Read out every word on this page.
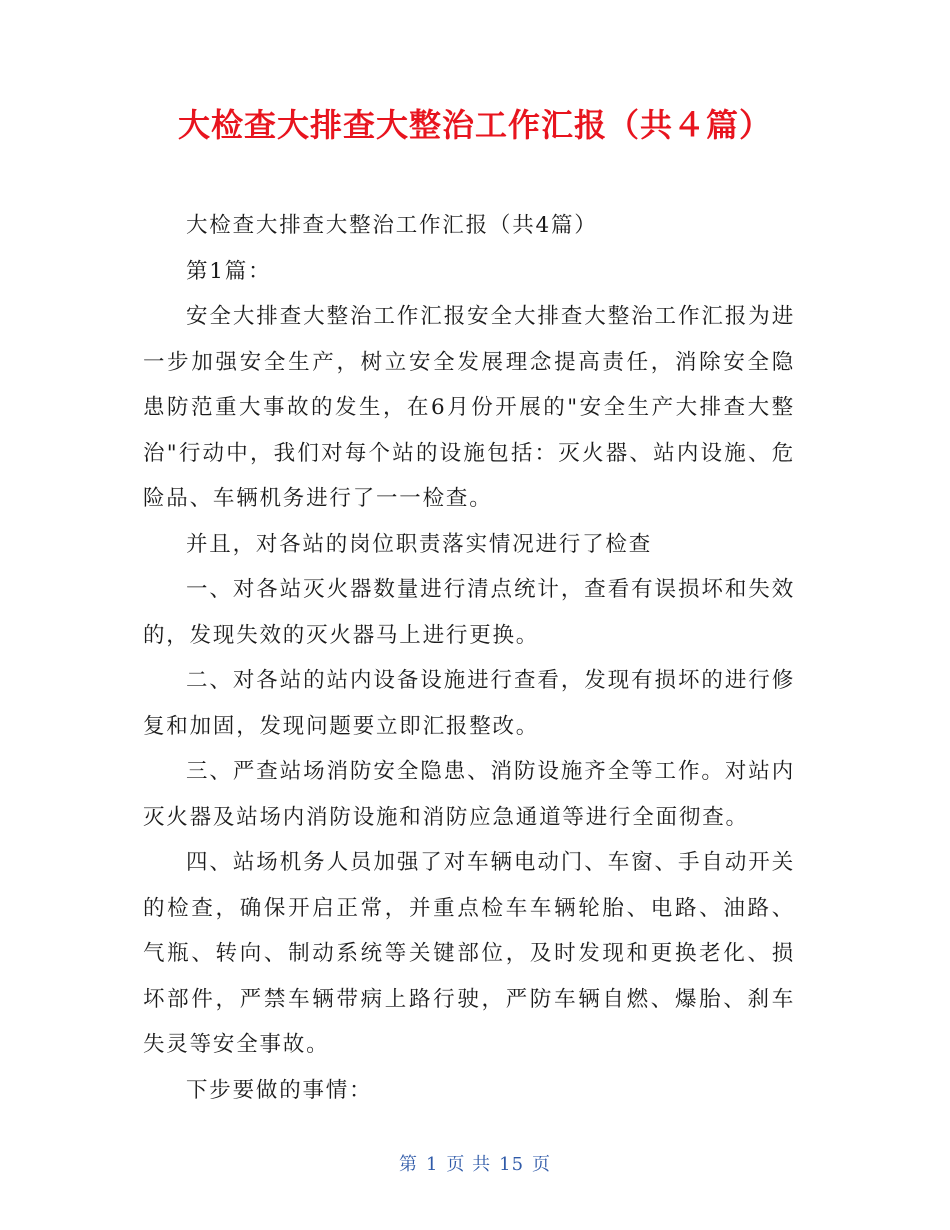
大检查大排查大整治工作汇报（共４篇）

大检查大排查大整治工作汇报（共4篇）

第1篇：

安全大排查大整治工作汇报安全大排查大整治工作汇报为进一步加强安全生产，树立安全发展理念提高责任，消除安全隐患防范重大事故的发生，在6月份开展的"安全生产大排查大整治"行动中，我们对每个站的设施包括：灭火器、站内设施、危险品、车辆机务进行了一一检查。

并且，对各站的岗位职责落实情况进行了检查

一、对各站灭火器数量进行清点统计，查看有误损坏和失效的，发现失效的灭火器马上进行更换。

二、对各站的站内设备设施进行查看，发现有损坏的进行修复和加固，发现问题要立即汇报整改。

三、严查站场消防安全隐患、消防设施齐全等工作。对站内灭火器及站场内消防设施和消防应急通道等进行全面彻查。

四、站场机务人员加强了对车辆电动门、车窗、手自动开关的检查，确保开启正常，并重点检车车辆轮胎、电路、油路、气瓶、转向、制动系统等关键部位，及时发现和更换老化、损坏部件，严禁车辆带病上路行驶，严防车辆自燃、爆胎、刹车失灵等安全事故。

下步要做的事情：

第 1 页 共 15 页
